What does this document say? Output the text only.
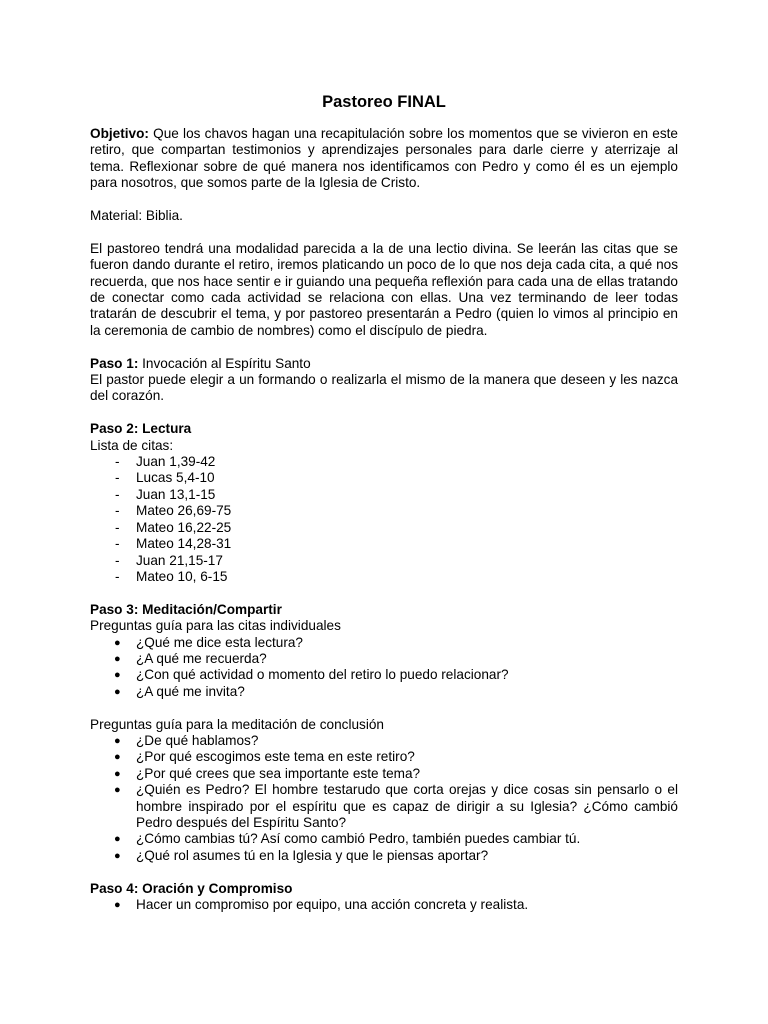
Pastoreo FINAL

Objetivo: Que los chavos hagan una recapitulación sobre los momentos que se vivieron en este retiro, que compartan testimonios y aprendizajes personales para darle cierre y aterrizaje al tema. Reflexionar sobre de qué manera nos identificamos con Pedro y como él es un ejemplo para nosotros, que somos parte de la Iglesia de Cristo.

Material: Biblia.

El pastoreo tendrá una modalidad parecida a la de una lectio divina. Se leerán las citas que se fueron dando durante el retiro, iremos platicando un poco de lo que nos deja cada cita, a qué nos recuerda, que nos hace sentir e ir guiando una pequeña reflexión para cada una de ellas tratando de conectar como cada actividad se relaciona con ellas. Una vez terminando de leer todas tratarán de descubrir el tema, y por pastoreo presentarán a Pedro (quien lo vimos al principio en la ceremonia de cambio de nombres) como el discípulo de piedra.

Paso 1: Invocación al Espíritu Santo

El pastor puede elegir a un formando o realizarla el mismo de la manera que deseen y les nazca del corazón.

Paso 2: Lectura

Lista de citas:

- Juan 1,39-42
- Lucas 5,4-10
- Juan 13,1-15
- Mateo 26,69-75
- Mateo 16,22-25
- Mateo 14,28-31
- Juan 21,15-17
- Mateo 10, 6-15

Paso 3: Meditación/Compartir

Preguntas guía para las citas individuales

● ¿Qué me dice esta lectura?
● ¿A qué me recuerda?
● ¿Con qué actividad o momento del retiro lo puedo relacionar?
● ¿A qué me invita?

Preguntas guía para la meditación de conclusión

● ¿De qué hablamos?
● ¿Por qué escogimos este tema en este retiro?
● ¿Por qué crees que sea importante este tema?
● ¿Quién es Pedro? El hombre testarudo que corta orejas y dice cosas sin pensarlo o el hombre inspirado por el espíritu que es capaz de dirigir a su Iglesia? ¿Cómo cambió Pedro después del Espíritu Santo?
● ¿Cómo cambias tú? Así como cambió Pedro, también puedes cambiar tú.
● ¿Qué rol asumes tú en la Iglesia y que le piensas aportar?

Paso 4: Oración y Compromiso

● Hacer un compromiso por equipo, una acción concreta y realista.
